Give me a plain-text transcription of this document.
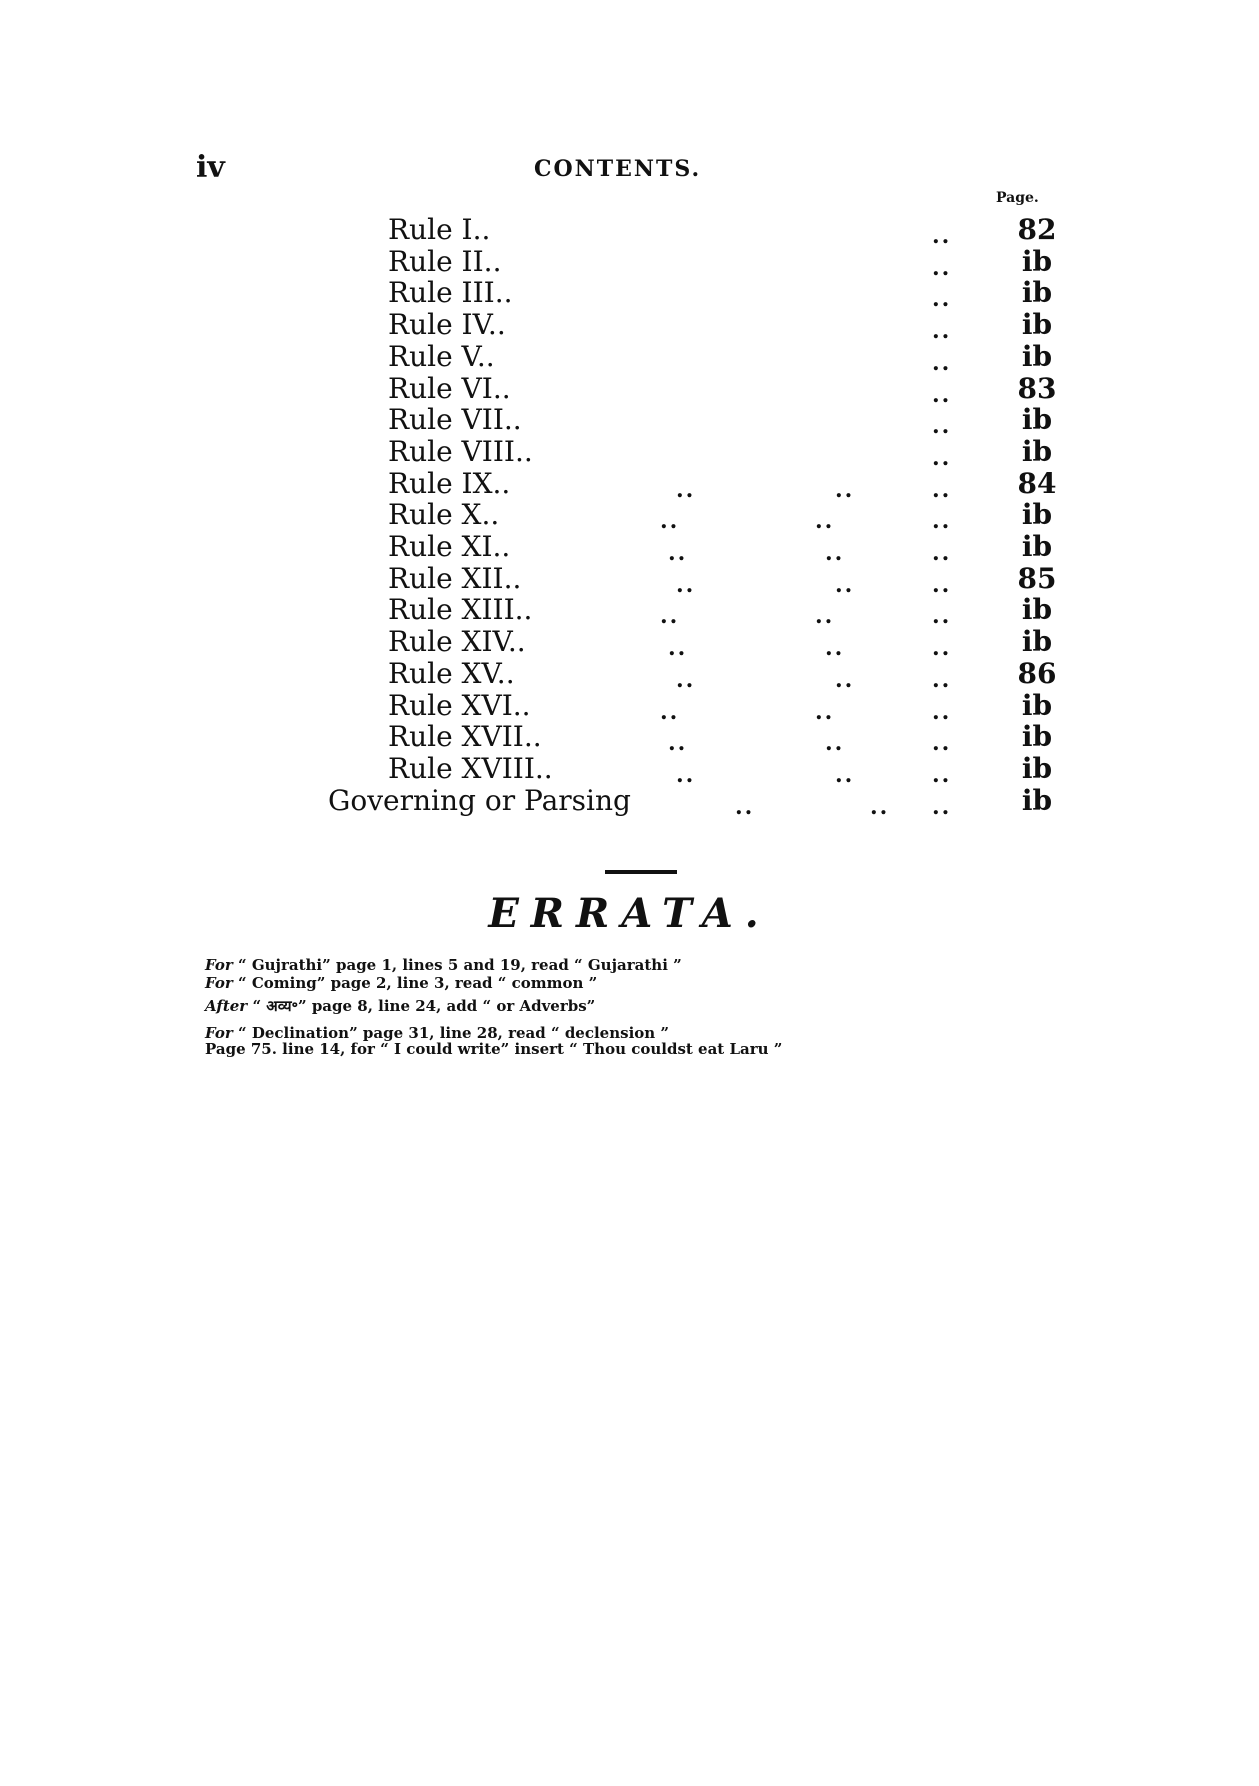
iv	CONTENTS.
Page.
Rule I..	.. 82
Rule II..	..	ib
Rule III..	..	ib
Rule IV..	..	ib
Rule V..	..	ib
Rule VI..	.. 83
Rule VII..	..	ib
Rule VIII..	..	ib
Rule IX..	..	..	.. 84
Rule X..	..	..	..	ib
Rule XI..	..	..	..	ib
Rule XII..	..	..	.. 85
Rule XIII..	..	..	..	ib
Rule XIV..	..	..	..	ib
Rule XV..	..	..	.. 86
Rule XVI..	..	..	..	ib
Rule XVII..	..	..	..	ib
Rule XVIII..	..	..	..	ib
Governing or Parsing	..	.. ..	ib
ERRATA.
For “ Gujrathi” page 1, lines 5 and 19, read “ Gujarathi ”
For “ Coming” page 2, line 3, read “ common ”
After “ अव्य॰” page 8, line 24, add “ or Adverbs”
For “ Declination” page 31, line 28, read “ declension ”
Page 75. line 14, for “ I could write” insert “ Thou couldst eat Laru ”
